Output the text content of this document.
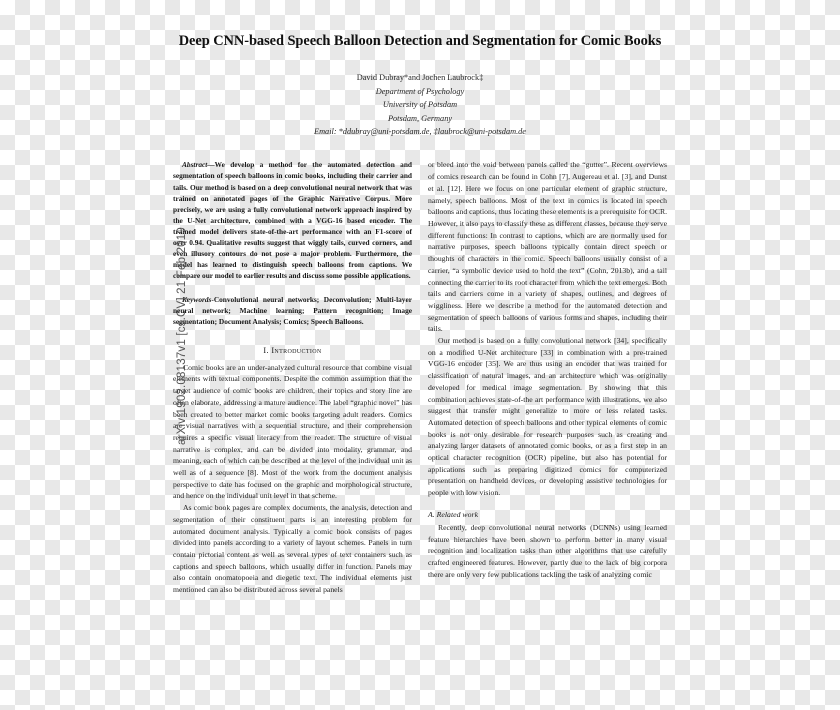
arXiv:1902.08137v1 [cs.CV] 21 Feb 2019
Deep CNN-based Speech Balloon Detection and Segmentation for Comic Books
David Dubray*and Jochen Laubrock‡
Department of Psychology
University of Potsdam
Potsdam, Germany
Email: *ddubray@uni-potsdam.de, ‡laubrock@uni-potsdam.de

Abstract—We develop a method for the automated detection and segmentation of speech balloons in comic books, including their carrier and tails. Our method is based on a deep convolutional neural network that was trained on annotated pages of the Graphic Narrative Corpus. More precisely, we are using a fully convolutional network approach inspired by the U-Net architecture, combined with a VGG-16 based encoder. The trained model delivers state-of-the-art performance with an F1-score of over 0.94. Qualitative results suggest that wiggly tails, curved corners, and even illusory contours do not pose a major problem. Furthermore, the model has learned to distinguish speech balloons from captions. We compare our model to earlier results and discuss some possible applications.

Keywords-Convolutional neural networks; Deconvolution; Multi-layer neural network; Machine learning; Pattern recognition; Image segmentation; Document Analysis; Comics; Speech Balloons.

I. Introduction

Comic books are an under-analyzed cultural resource that combine visual elements with textual components. Despite the common assumption that the target audience of comic books are children, their topics and story line are often elaborate, addressing a mature audience. The label “graphic novel” has been created to better market comic books targeting adult readers. Comics are visual narratives with a sequential structure, and their comprehension requires a specific visual literacy from the reader. The structure of visual narrative is complex, and can be divided into modality, grammar, and meaning, each of which can be described at the level of the individual unit as well as of a sequence [8]. Most of the work from the document analysis perspective to date has focused on the graphic and morphological structure, and hence on the individual unit level in that scheme.

As comic book pages are complex documents, the analysis, detection and segmentation of their constituent parts is an interesting problem for automated document analysis. Typically a comic book consists of pages divided into panels according to a variety of layout schemes. Panels in turn contain pictorial content as well as several types of text containers such as captions and speech balloons, which usually differ in function. Panels may also contain onomatopoeia and diegetic text. The individual elements just mentioned can also be distributed across several panels

or bleed into the void between panels called the “gutter”. Recent overviews of comics research can be found in Cohn [7], Augereau et al. [3], and Dunst et al. [12]. Here we focus on one particular element of graphic structure, namely, speech balloons. Most of the text in comics is located in speech balloons and captions, thus locating these elements is a prerequisite for OCR. However, it also pays to classify these as different classes, because they serve different functions: In contrast to captions, which are are normally used for narrative purposes, speech balloons typically contain direct speech or thoughts of characters in the comic. Speech balloons usually consist of a carrier, “a symbolic device used to hold the text” (Cohn, 2013b), and a tail connecting the carrier to its root character from which the text emerges. Both tails and carriers come in a variety of shapes, outlines, and degrees of wiggliness. Here we describe a method for the automated detection and segmentation of speech balloons of various forms and shapes, including their tails.

Our method is based on a fully convolutional network [34], specifically on a modified U-Net architecture [33] in combination with a pre-trained VGG-16 encoder [35]. We are thus using an encoder that was trained for classification of natural images, and an architecture which was originally developed for medical image segmentation. By showing that this combination achieves state-of-the art performance with illustrations, we also suggest that transfer might generalize to more or less related tasks. Automated detection of speech balloons and other typical elements of comic books is not only desirable for research purposes such as creating and analyzing larger datasets of annotated comic books, or as a first step in an optical character recognition (OCR) pipeline, but also has potential for applications such as preparing digitized comics for computerized presentation on handheld devices, or developing assistive technologies for people with low vision.

A. Related work

Recently, deep convolutional neural networks (DCNNs) using learned feature hierarchies have been shown to perform better in many visual recognition and localization tasks than other algorithms that use carefully crafted engineered features. However, partly due to the lack of big corpora there are only very few publications tackling the task of analyzing comic
